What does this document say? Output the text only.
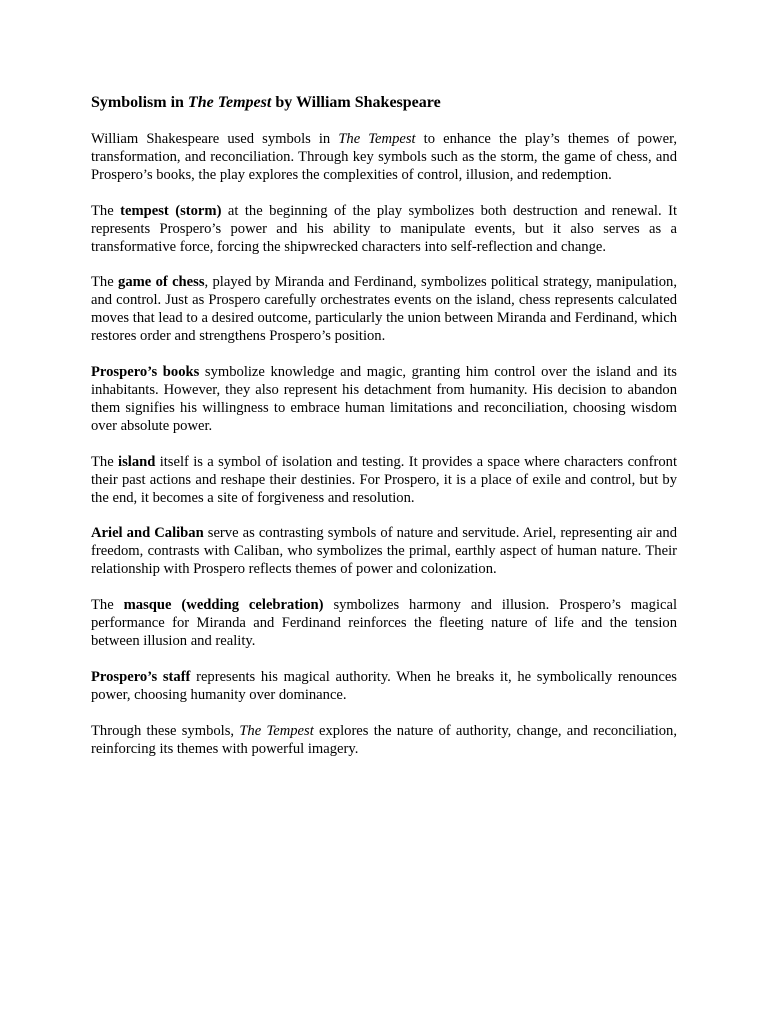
Symbolism in The Tempest by William Shakespeare

William Shakespeare used symbols in The Tempest to enhance the play’s themes of power, transformation, and reconciliation. Through key symbols such as the storm, the game of chess, and Prospero’s books, the play explores the complexities of control, illusion, and redemption.

The tempest (storm) at the beginning of the play symbolizes both destruction and renewal. It represents Prospero’s power and his ability to manipulate events, but it also serves as a transformative force, forcing the shipwrecked characters into self-reflection and change.

The game of chess, played by Miranda and Ferdinand, symbolizes political strategy, manipulation, and control. Just as Prospero carefully orchestrates events on the island, chess represents calculated moves that lead to a desired outcome, particularly the union between Miranda and Ferdinand, which restores order and strengthens Prospero’s position.

Prospero’s books symbolize knowledge and magic, granting him control over the island and its inhabitants. However, they also represent his detachment from humanity. His decision to abandon them signifies his willingness to embrace human limitations and reconciliation, choosing wisdom over absolute power.

The island itself is a symbol of isolation and testing. It provides a space where characters confront their past actions and reshape their destinies. For Prospero, it is a place of exile and control, but by the end, it becomes a site of forgiveness and resolution.

Ariel and Caliban serve as contrasting symbols of nature and servitude. Ariel, representing air and freedom, contrasts with Caliban, who symbolizes the primal, earthly aspect of human nature. Their relationship with Prospero reflects themes of power and colonization.

The masque (wedding celebration) symbolizes harmony and illusion. Prospero’s magical performance for Miranda and Ferdinand reinforces the fleeting nature of life and the tension between illusion and reality.

Prospero’s staff represents his magical authority. When he breaks it, he symbolically renounces power, choosing humanity over dominance.

Through these symbols, The Tempest explores the nature of authority, change, and reconciliation, reinforcing its themes with powerful imagery.
